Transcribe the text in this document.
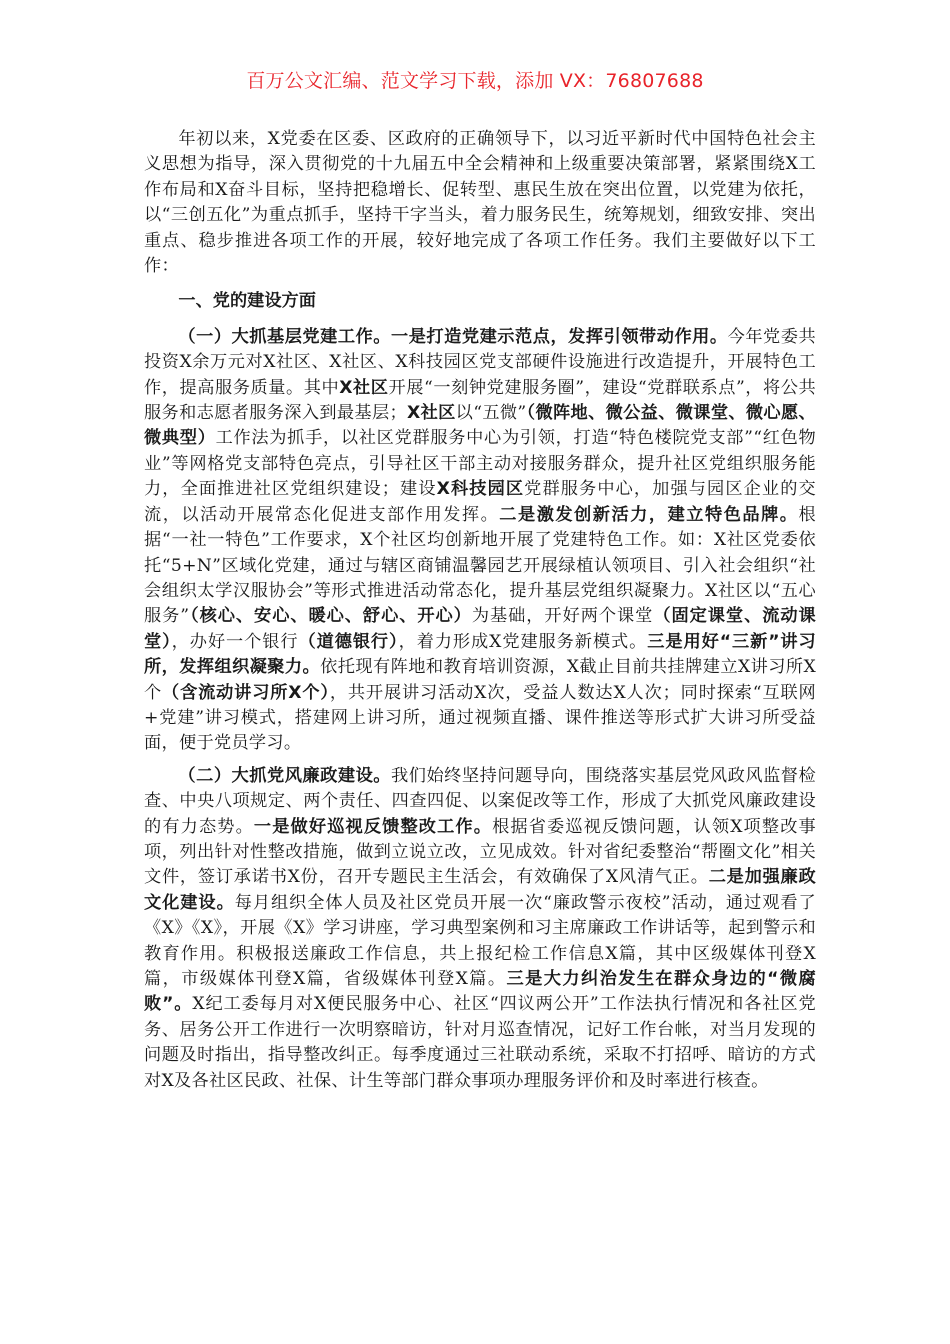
百万公文汇编、范文学习下载，添加 VX：76807688

年初以来，X党委在区委、区政府的正确领导下，以习近平新时代中国特色社会主义思想为指导，深入贯彻党的十九届五中全会精神和上级重要决策部署，紧紧围绕X工作布局和X奋斗目标，坚持把稳增长、促转型、惠民生放在突出位置，以党建为依托，以“三创五化”为重点抓手，坚持干字当头，着力服务民生，统筹规划，细致安排、突出重点、稳步推进各项工作的开展，较好地完成了各项工作任务。我们主要做好以下工作：

一、党的建设方面

（一）大抓基层党建工作。一是打造党建示范点，发挥引领带动作用。今年党委共投资X余万元对X社区、X社区、X科技园区党支部硬件设施进行改造提升，开展特色工作，提高服务质量。其中X社区开展“一刻钟党建服务圈”，建设“党群联系点”，将公共服务和志愿者服务深入到最基层；X社区以“五微”（微阵地、微公益、微课堂、微心愿、微典型）工作法为抓手，以社区党群服务中心为引领，打造“特色楼院党支部”“红色物业”等网格党支部特色亮点，引导社区干部主动对接服务群众，提升社区党组织服务能力，全面推进社区党组织建设；建设X科技园区党群服务中心，加强与园区企业的交流，以活动开展常态化促进支部作用发挥。二是激发创新活力，建立特色品牌。根据“一社一特色”工作要求，X个社区均创新地开展了党建特色工作。如：X社区党委依托“5+N”区域化党建，通过与辖区商铺温馨园艺开展绿植认领项目、引入社会组织“社会组织太学汉服协会”等形式推进活动常态化，提升基层党组织凝聚力。X社区以“五心服务”（核心、安心、暖心、舒心、开心）为基础，开好两个课堂（固定课堂、流动课堂），办好一个银行（道德银行），着力形成X党建服务新模式。三是用好“三新”讲习所，发挥组织凝聚力。依托现有阵地和教育培训资源，X截止目前共挂牌建立X讲习所X个（含流动讲习所X个），共开展讲习活动X次，受益人数达X人次；同时探索“互联网+党建”讲习模式，搭建网上讲习所，通过视频直播、课件推送等形式扩大讲习所受益面，便于党员学习。

（二）大抓党风廉政建设。我们始终坚持问题导向，围绕落实基层党风政风监督检查、中央八项规定、两个责任、四查四促、以案促改等工作，形成了大抓党风廉政建设的有力态势。一是做好巡视反馈整改工作。根据省委巡视反馈问题，认领X项整改事项，列出针对性整改措施，做到立说立改，立见成效。针对省纪委整治“帮圈文化”相关文件，签订承诺书X份，召开专题民主生活会，有效确保了X风清气正。二是加强廉政文化建设。每月组织全体人员及社区党员开展一次“廉政警示夜校”活动，通过观看了《X》《X》，开展《X》学习讲座，学习典型案例和习主席廉政工作讲话等，起到警示和教育作用。积极报送廉政工作信息，共上报纪检工作信息X篇，其中区级媒体刊登X篇，市级媒体刊登X篇，省级媒体刊登X篇。三是大力纠治发生在群众身边的“微腐败”。X纪工委每月对X便民服务中心、社区“四议两公开”工作法执行情况和各社区党务、居务公开工作进行一次明察暗访，针对月巡查情况，记好工作台帐，对当月发现的问题及时指出，指导整改纠正。每季度通过三社联动系统，采取不打招呼、暗访的方式对X及各社区民政、社保、计生等部门群众事项办理服务评价和及时率进行核查。
